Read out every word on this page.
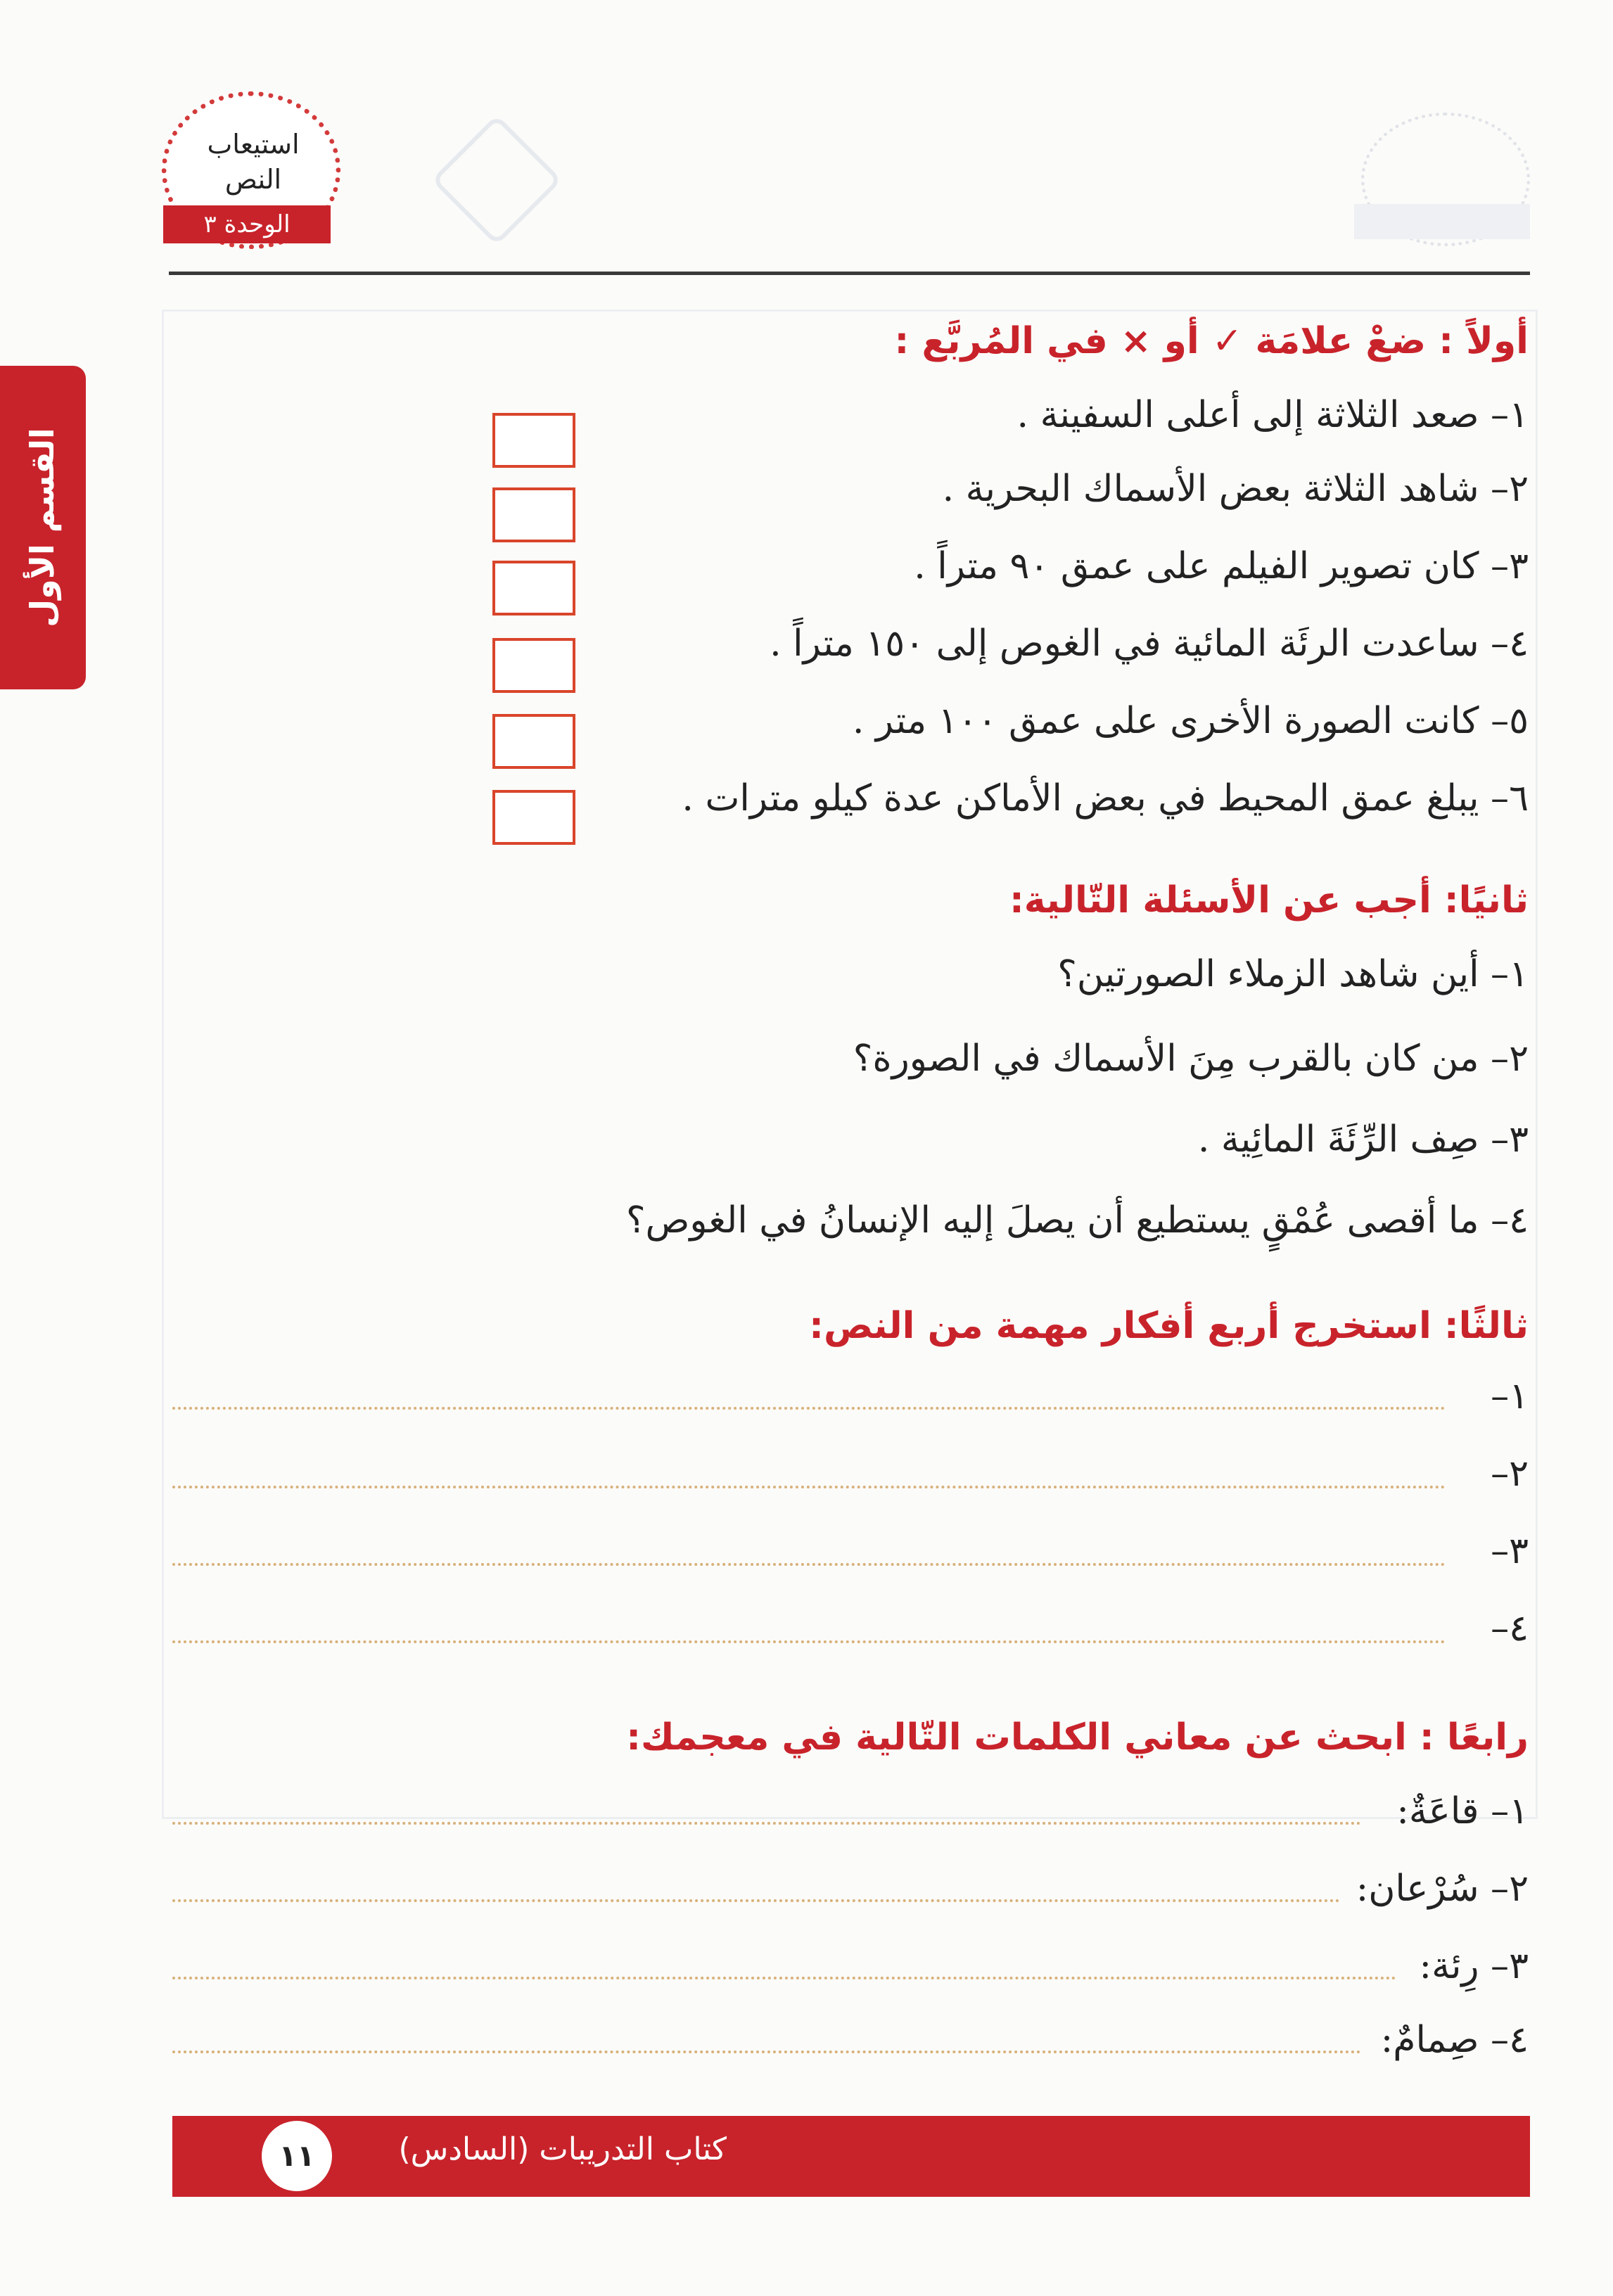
استيعاب النص
الوحدة ٣
القسم الأول
أولاً : ضعْ علامَة ✓ أو × في المُربَّع :
١– صعد الثلاثة إلى أعلى السفينة .
٢– شاهد الثلاثة بعض الأسماك البحرية .
٣– كان تصوير الفيلم على عمق ٩٠ متراً .
٤– ساعدت الرئَة المائية في الغوص إلى ١٥٠ متراً .
٥– كانت الصورة الأخرى على عمق ١٠٠ متر .
٦– يبلغ عمق المحيط في بعض الأماكن عدة كيلو مترات .
ثانيًا: أجب عن الأسئلة التّالية:
١– أين شاهد الزملاء الصورتين؟
٢– من كان بالقرب مِنَ الأسماك في الصورة؟
٣– صِف الرِّئَةَ المائِية .
٤– ما أقصى عُمْقٍ يستطيع أن يصلَ إليه الإنسانُ في الغوص؟
ثالثًا: استخرج أربع أفكار مهمة من النص:
١–
٢–
٣–
٤–
رابعًا : ابحث عن معاني الكلمات التّالية في معجمك:
١– قاعَةٌ:
٢– سُرْعان:
٣– رِئة:
٤– صِمامٌ:
كتاب التدريبات (السادس)
١١
